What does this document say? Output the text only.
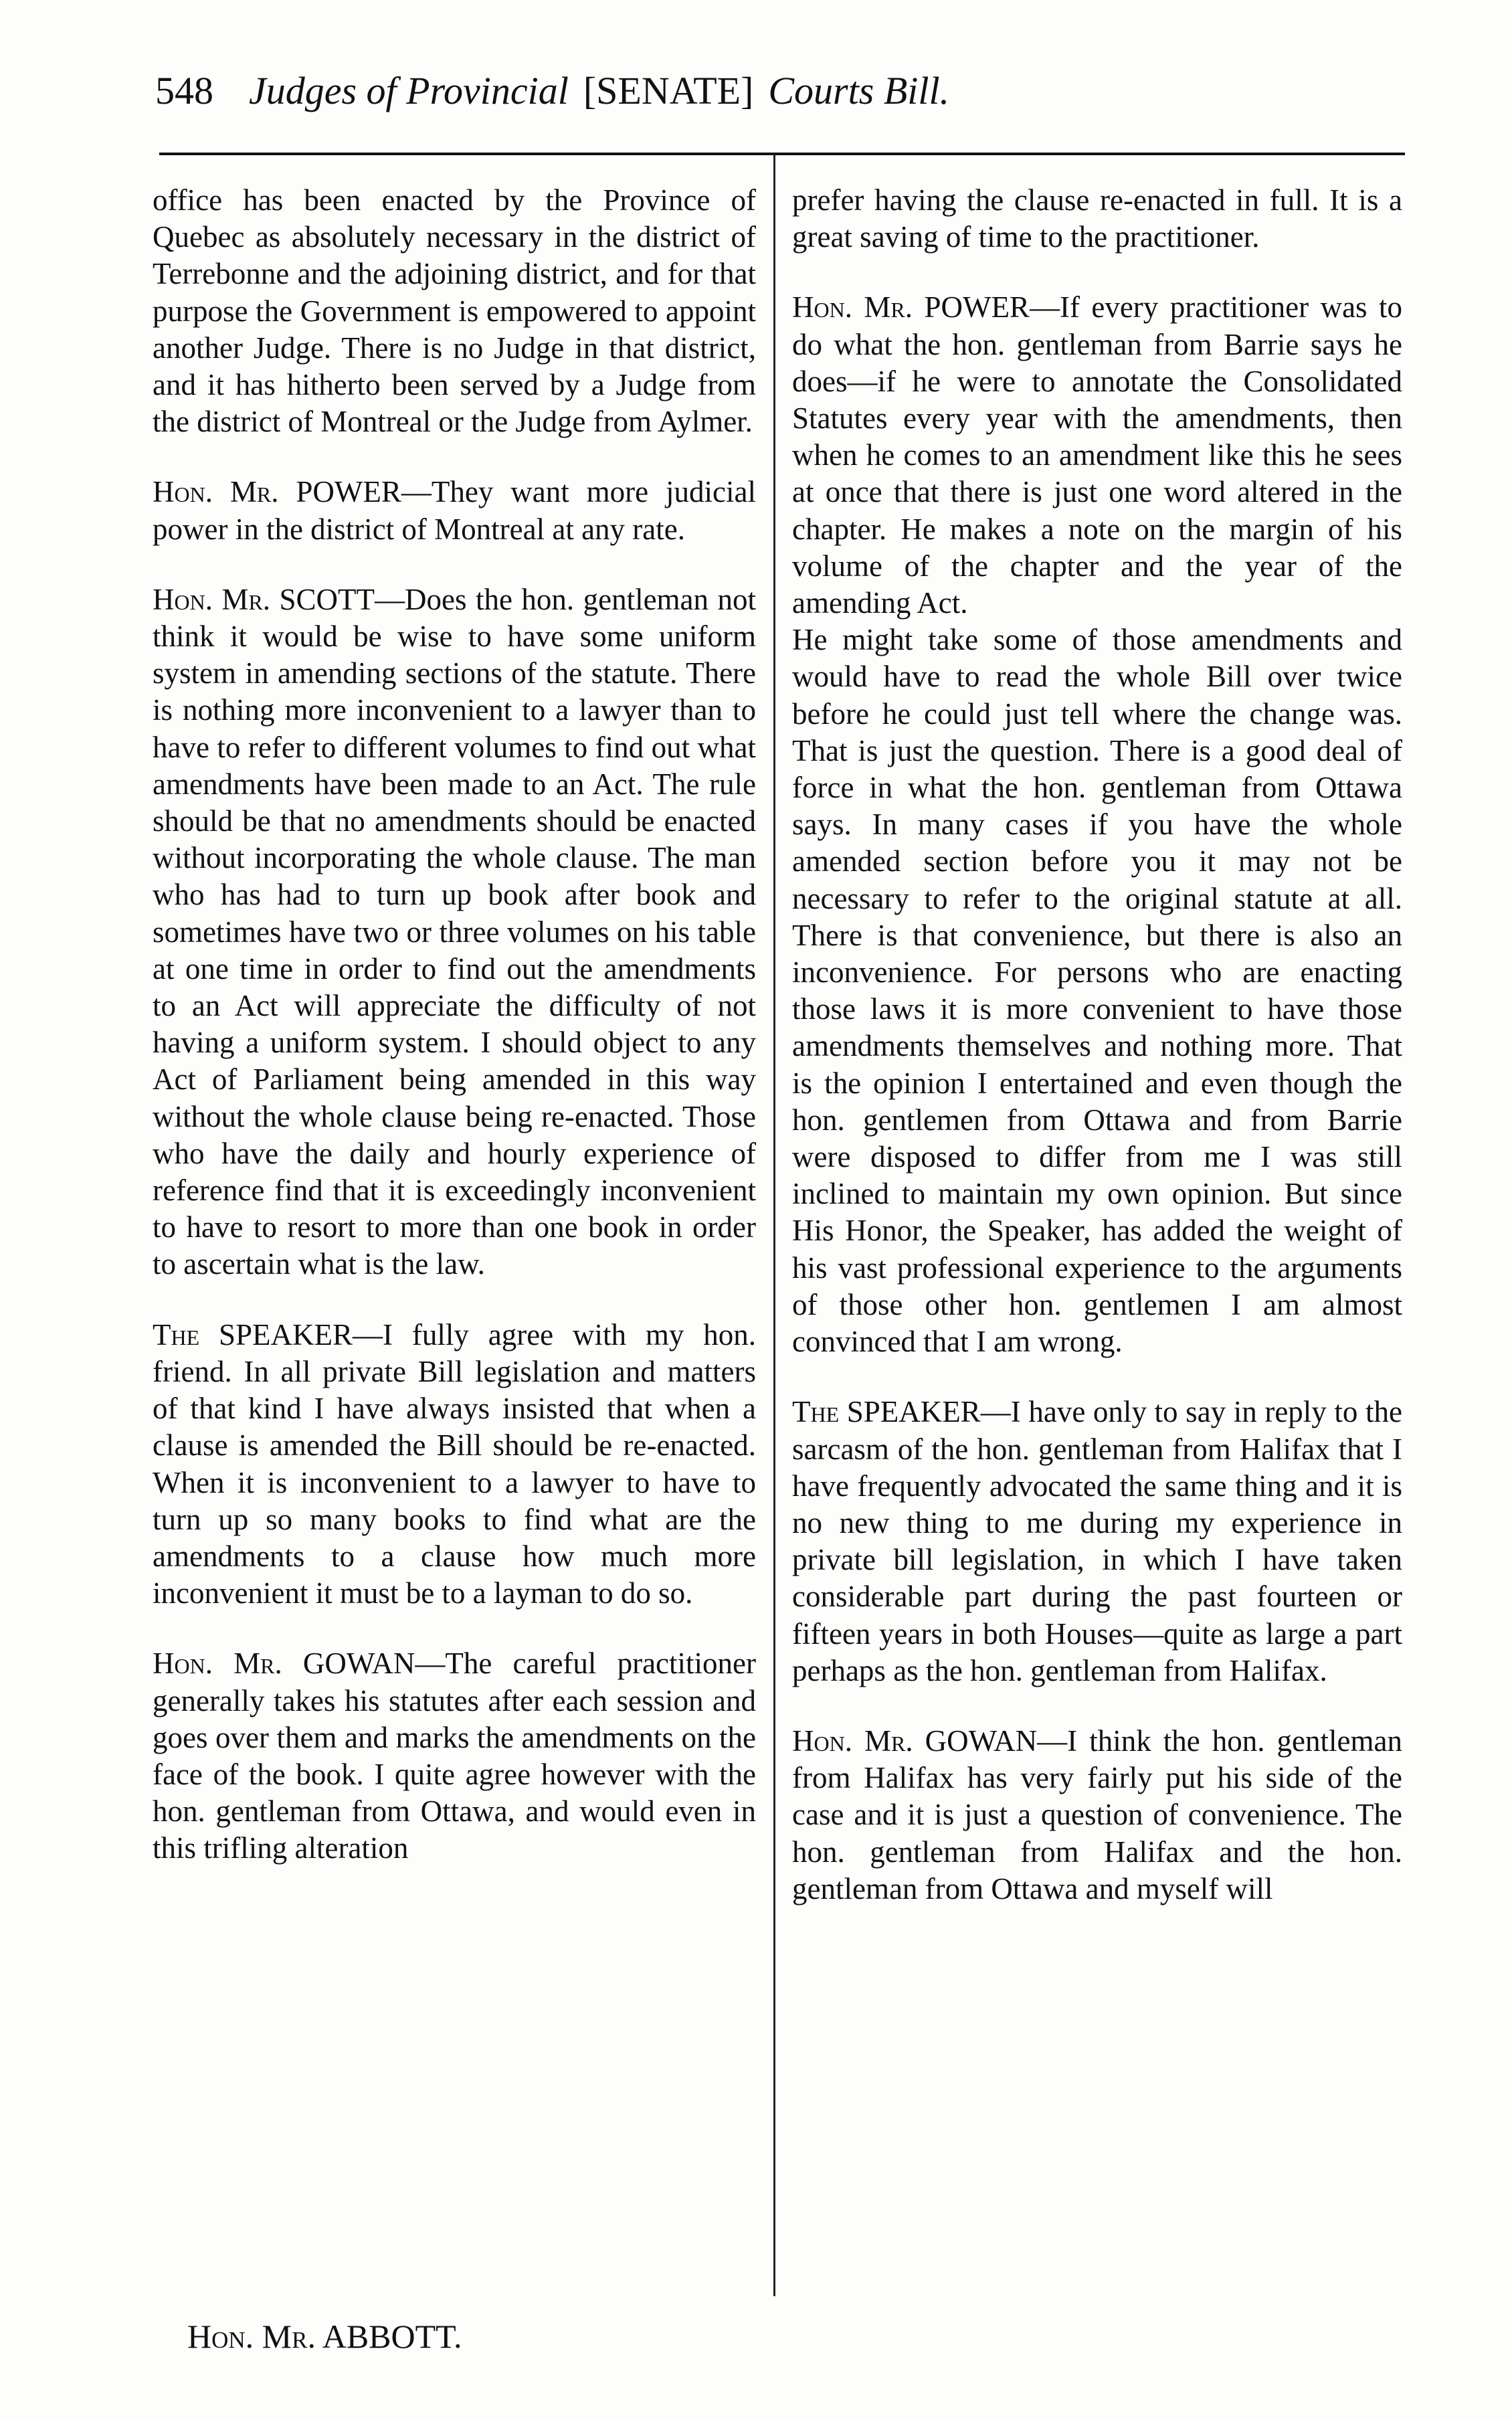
548 Judges of Provincial [SENATE] Courts Bill.

office has been enacted by the Province of Quebec as absolutely necessary in the district of Terrebonne and the adjoining district, and for that purpose the Government is empowered to appoint another Judge. There is no Judge in that district, and it has hitherto been served by a Judge from the district of Montreal or the Judge from Aylmer.

Hon. Mr. POWER—They want more judicial power in the district of Montreal at any rate.

Hon. Mr. SCOTT—Does the hon. gentleman not think it would be wise to have some uniform system in amending sections of the statute. There is nothing more inconvenient to a lawyer than to have to refer to different volumes to find out what amendments have been made to an Act. The rule should be that no amendments should be enacted without incorporating the whole clause. The man who has had to turn up book after book and sometimes have two or three volumes on his table at one time in order to find out the amendments to an Act will appreciate the difficulty of not having a uniform system. I should object to any Act of Parliament being amended in this way without the whole clause being re-enacted. Those who have the daily and hourly experience of reference find that it is exceedingly inconvenient to have to resort to more than one book in order to ascertain what is the law.

The SPEAKER—I fully agree with my hon. friend. In all private Bill legislation and matters of that kind I have always insisted that when a clause is amended the Bill should be re-enacted. When it is inconvenient to a lawyer to have to turn up so many books to find what are the amendments to a clause how much more inconvenient it must be to a layman to do so.

Hon. Mr. GOWAN—The careful practitioner generally takes his statutes after each session and goes over them and marks the amendments on the face of the book. I quite agree however with the hon. gentleman from Ottawa, and would even in this trifling alteration

prefer having the clause re-enacted in full. It is a great saving of time to the practitioner.

Hon. Mr. POWER—If every practitioner was to do what the hon. gentleman from Barrie says he does—if he were to annotate the Consolidated Statutes every year with the amendments, then when he comes to an amendment like this he sees at once that there is just one word altered in the chapter. He makes a note on the margin of his volume of the chapter and the year of the amending Act.

He might take some of those amendments and would have to read the whole Bill over twice before he could just tell where the change was. That is just the question. There is a good deal of force in what the hon. gentleman from Ottawa says. In many cases if you have the whole amended section before you it may not be necessary to refer to the original statute at all. There is that convenience, but there is also an inconvenience. For persons who are enacting those laws it is more convenient to have those amendments themselves and nothing more. That is the opinion I entertained and even though the hon. gentlemen from Ottawa and from Barrie were disposed to differ from me I was still inclined to maintain my own opinion. But since His Honor, the Speaker, has added the weight of his vast professional experience to the arguments of those other hon. gentlemen I am almost convinced that I am wrong.

The SPEAKER—I have only to say in reply to the sarcasm of the hon. gentleman from Halifax that I have frequently advocated the same thing and it is no new thing to me during my experience in private bill legislation, in which I have taken considerable part during the past fourteen or fifteen years in both Houses—quite as large a part perhaps as the hon. gentleman from Halifax.

Hon. Mr. GOWAN—I think the hon. gentleman from Halifax has very fairly put his side of the case and it is just a question of convenience. The hon. gentleman from Halifax and the hon. gentleman from Ottawa and myself will

Hon. Mr. ABBOTT.
